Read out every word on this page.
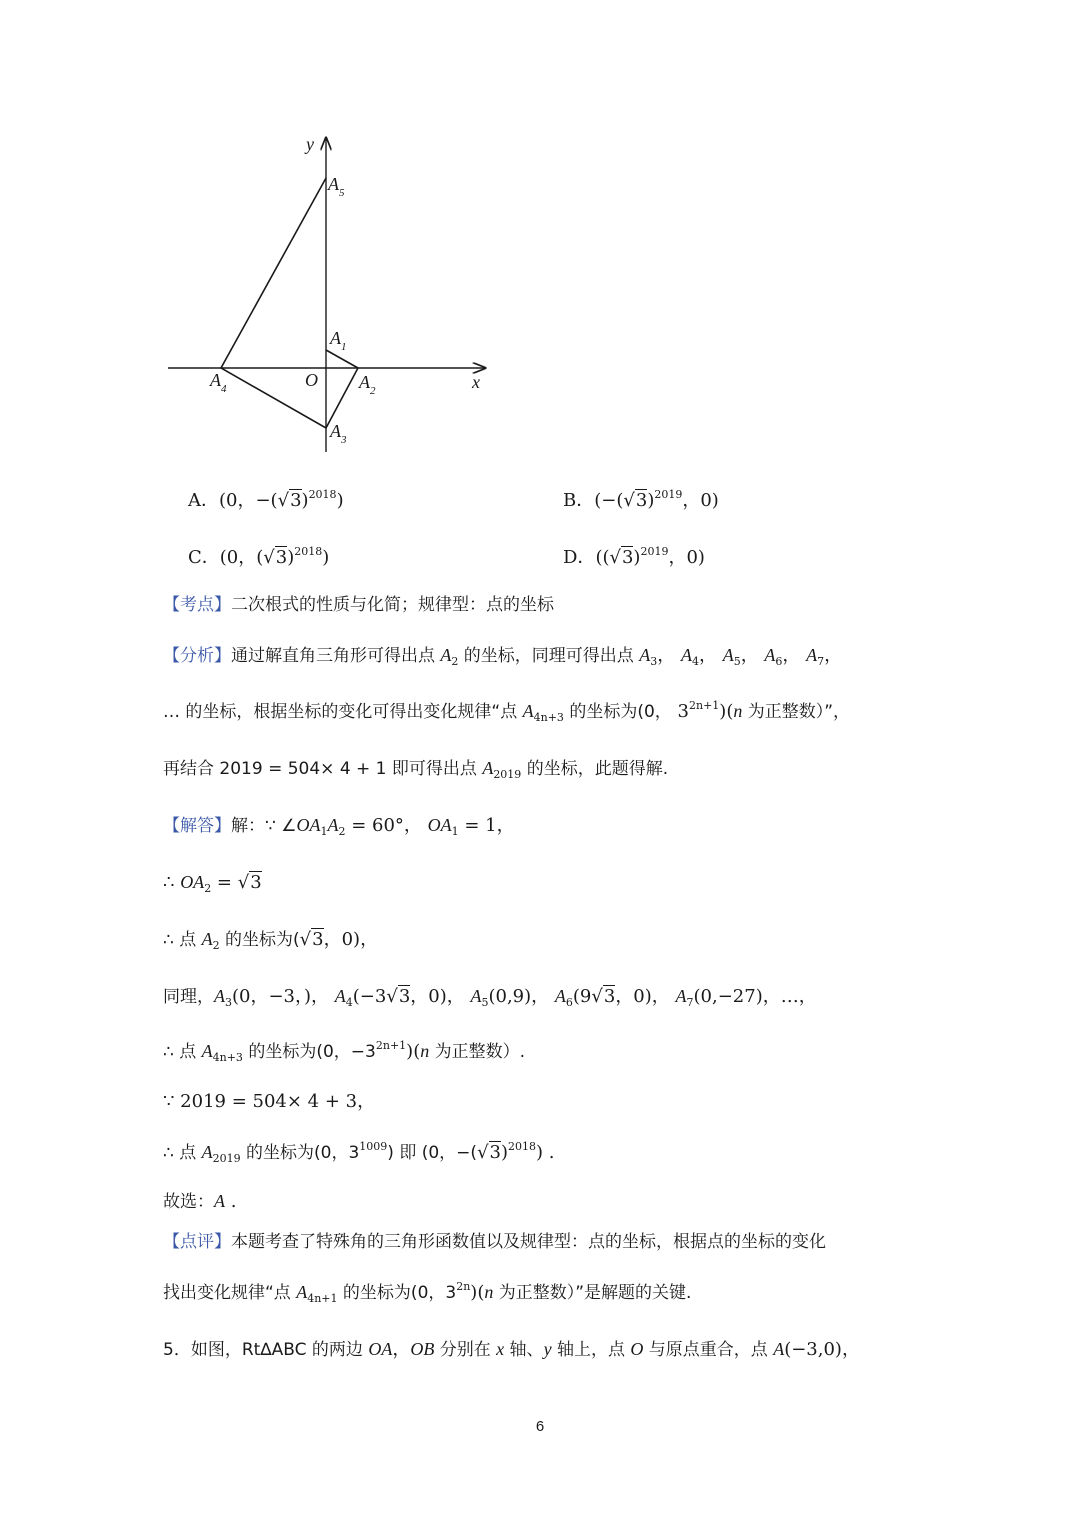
y
x
O
$A_5$
$A_1$
$A_2$
$A_3$
$A_4$
A．(0，$-(√3)^{2018}$)	B．($-(√3)^{2019}$，0)
C．(0，$(√3)^{2018}$)	D．($(√3)^{2019}$，0)
【考点】二次根式的性质与化简；规律型：点的坐标
【分析】通过解直角三角形可得出点 $A_2$ 的坐标，同理可得出点 $A_3$， $A_4$， $A_5$， $A_6$， $A_7$，
… 的坐标，根据坐标的变化可得出变化规律“点 $A_{4n+3}$ 的坐标为(0， $3^{2n+1})(n$ 为正整数）”，
再结合 2019 = 504× 4 + 1 即可得出点 $A_{2019}$ 的坐标，此题得解.
【解答】解：∵ $\angle OA_1A_2 = 60^\circ$， $OA_1 = 1$，
∴ $OA_2 = √3$
∴ 点 $A_2$ 的坐标为(√3，0)，
同理，$A_3(0$，−3，)， $A_4(-3√3$，0)， $A_5(0,9)$， $A_6(9√3$，0)， $A_7(0,-27)$，…，
∴ 点 $A_{4n+3}$ 的坐标为(0，$-3^{2n+1})(n$ 为正整数）.
∵ 2019 = 504× 4 + 3，
∴ 点 $A_{2019}$ 的坐标为(0，$3^{1009}$) 即 (0，$-(√3)^{2018}$) .
故选：A .
【点评】本题考查了特殊角的三角形函数值以及规律型：点的坐标，根据点的坐标的变化
找出变化规律“点 $A_{4n+1}$ 的坐标为(0，$3^{2n})(n$ 为正整数）”是解题的关键.
5．如图，Rt∆ABC 的两边 OA，OB 分别在 x 轴、y 轴上，点 O 与原点重合，点 A(−3,0)，
6
